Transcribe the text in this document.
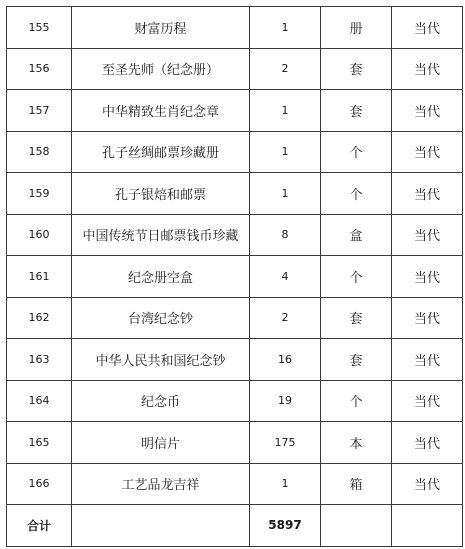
155	财富历程	1	册	当代
156	至圣先师（纪念册）	2	套	当代
157	中华精致生肖纪念章	1	套	当代
158	孔子丝绸邮票珍藏册	1	个	当代
159	孔子银焙和邮票	1	个	当代
160	中国传统节日邮票钱币珍藏	8	盒	当代
161	纪念册空盒	4	个	当代
162	台湾纪念钞	2	套	当代
163	中华人民共和国纪念钞	16	套	当代
164	纪念币	19	个	当代
165	明信片	175	本	当代
166	工艺品龙吉祥	1	箱	当代
合计		5897		
